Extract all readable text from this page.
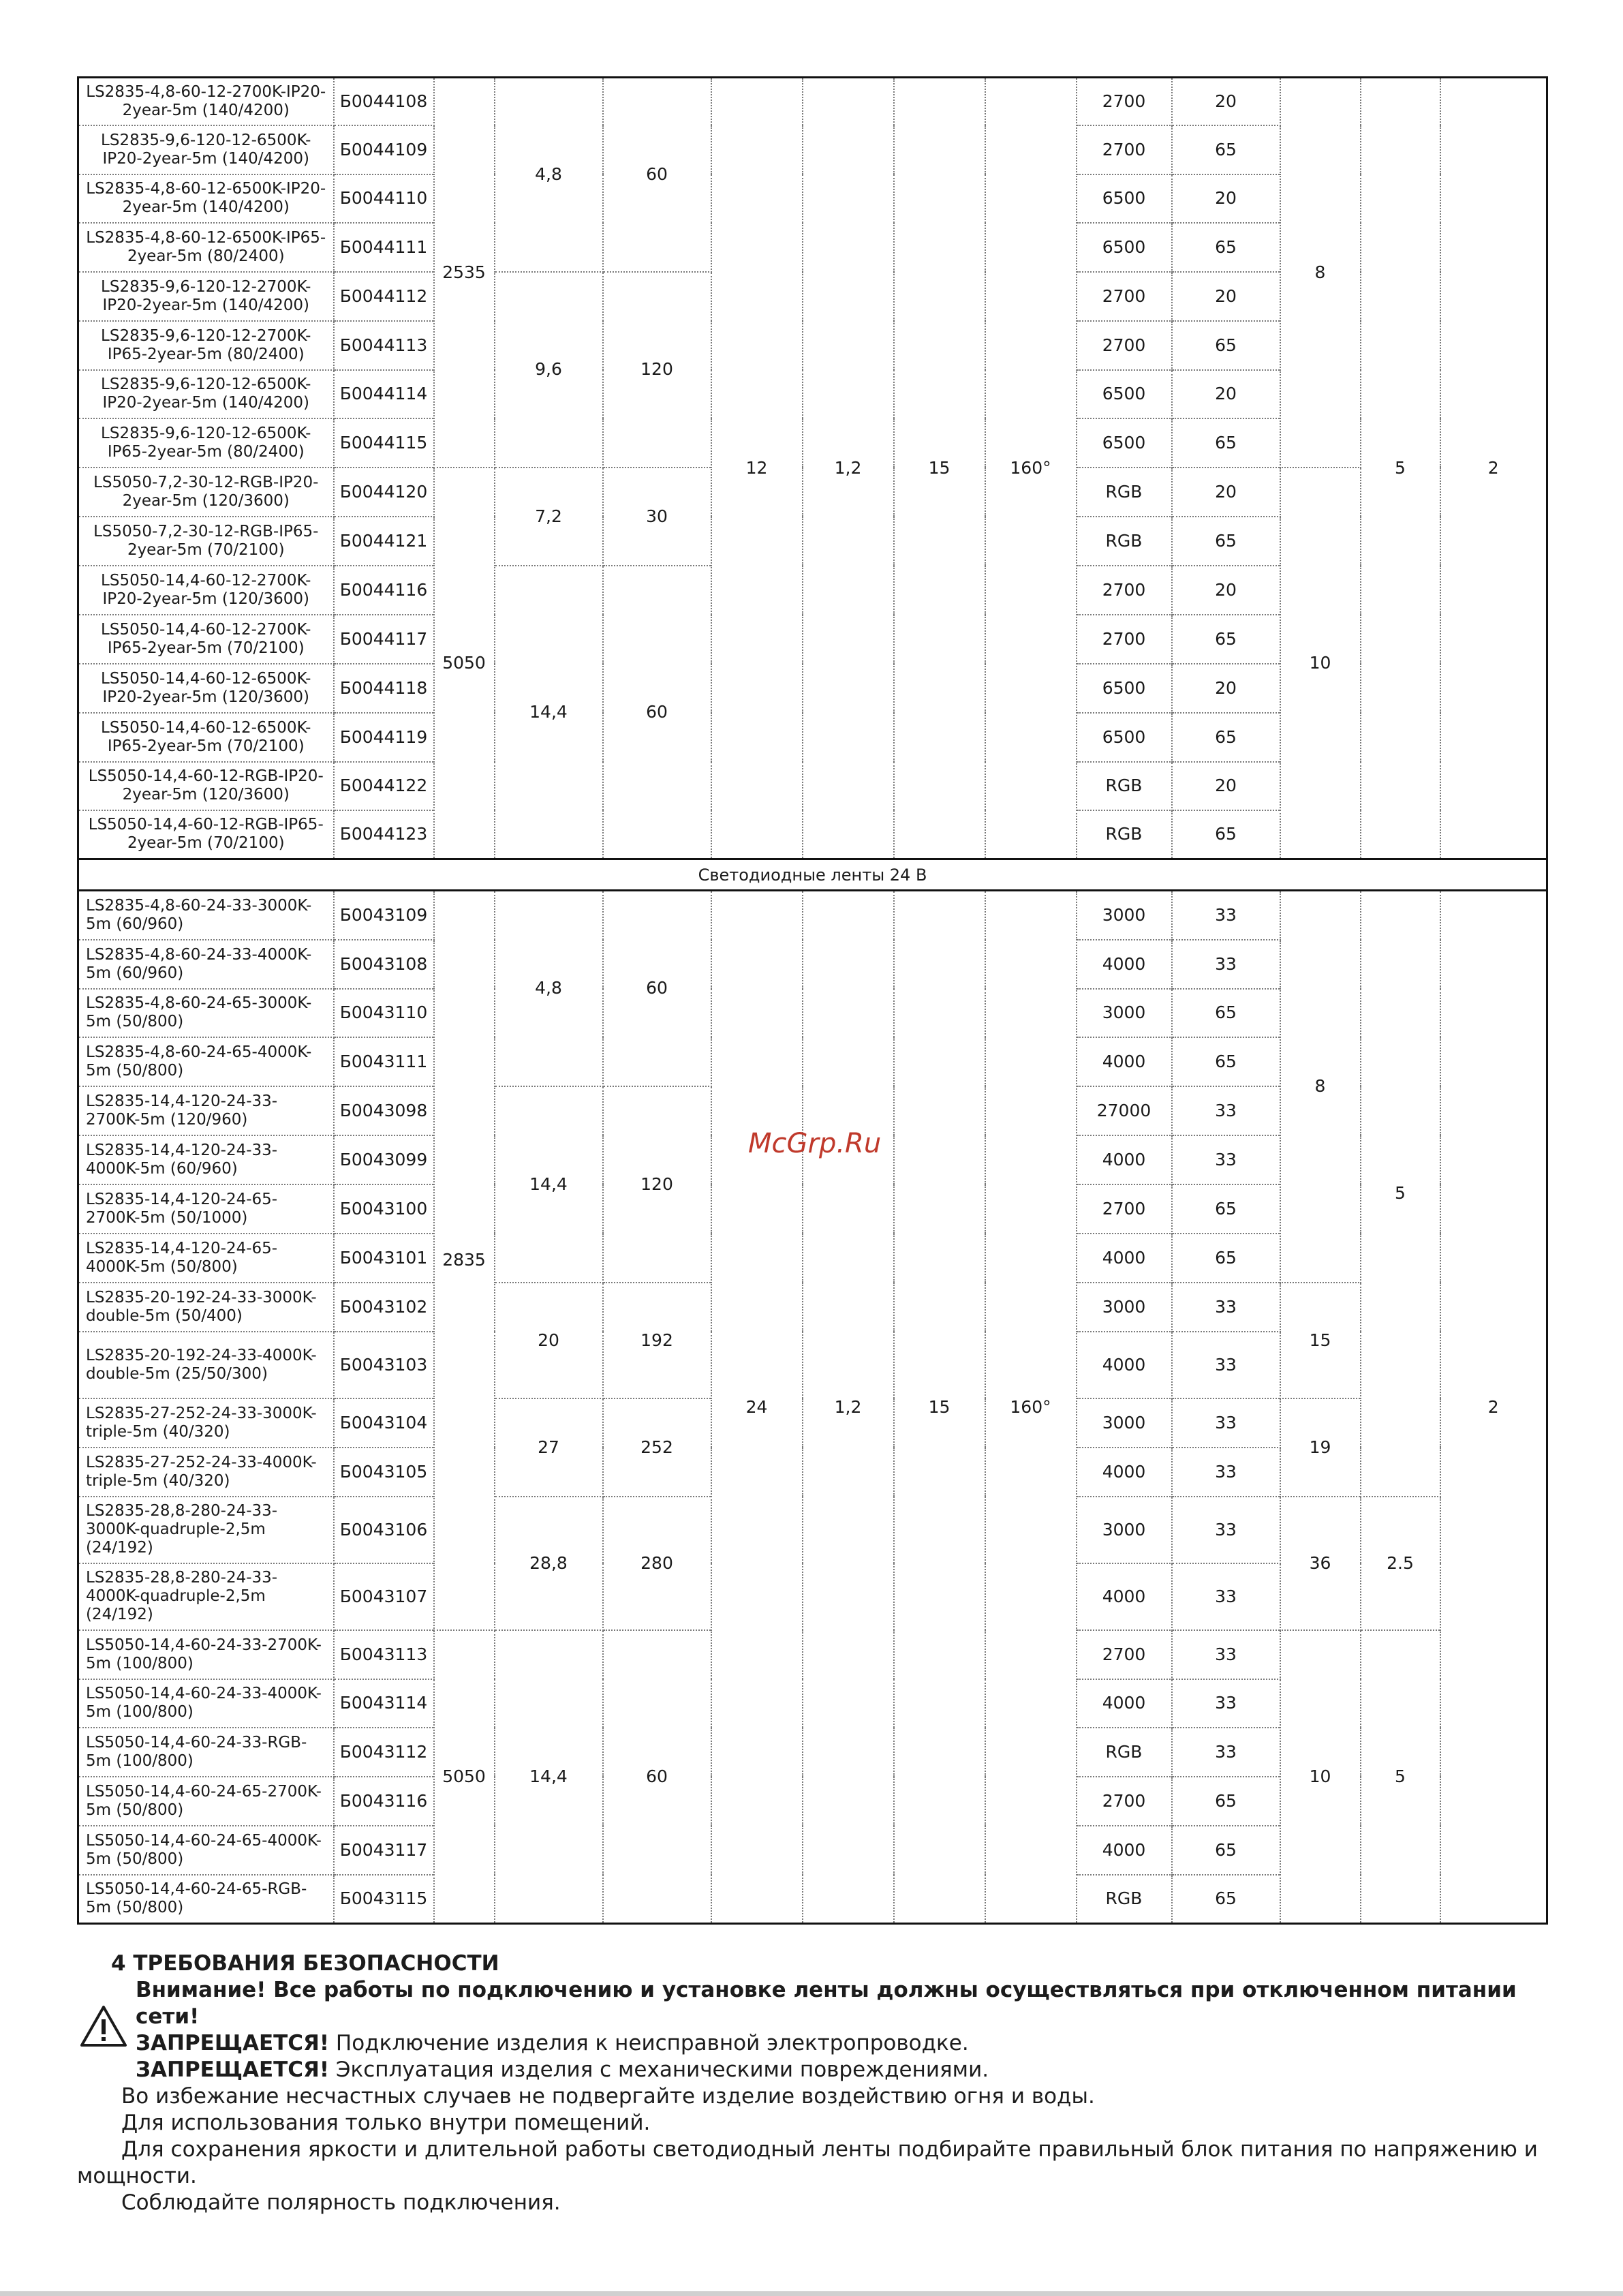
LS2835-4,8-60-12-2700K-IP20-2year-5m (140/4200)	Б0044108	2535	4,8	60	12	1,2	15	160°	2700	20	8	5	2
LS2835-9,6-120-12-6500K-IP20-2year-5m (140/4200)	Б0044109								2700	65			
LS2835-4,8-60-12-6500K-IP20-2year-5m (140/4200)	Б0044110								6500	20			
LS2835-4,8-60-12-6500K-IP65-2year-5m (80/2400)	Б0044111								6500	65			
LS2835-9,6-120-12-2700K-IP20-2year-5m (140/4200)	Б0044112		9,6	120					2700	20			
LS2835-9,6-120-12-2700K-IP65-2year-5m (80/2400)	Б0044113								2700	65			
LS2835-9,6-120-12-6500K-IP20-2year-5m (140/4200)	Б0044114								6500	20			
LS2835-9,6-120-12-6500K-IP65-2year-5m (80/2400)	Б0044115								6500	65			
LS5050-7,2-30-12-RGB-IP20-2year-5m (120/3600)	Б0044120	5050	7,2	30					RGB	20	10		
LS5050-7,2-30-12-RGB-IP65-2year-5m (70/2100)	Б0044121								RGB	65			
LS5050-14,4-60-12-2700K-IP20-2year-5m (120/3600)	Б0044116		14,4	60					2700	20			
LS5050-14,4-60-12-2700K-IP65-2year-5m (70/2100)	Б0044117								2700	65			
LS5050-14,4-60-12-6500K-IP20-2year-5m (120/3600)	Б0044118								6500	20			
LS5050-14,4-60-12-6500K-IP65-2year-5m (70/2100)	Б0044119								6500	65			
LS5050-14,4-60-12-RGB-IP20-2year-5m (120/3600)	Б0044122								RGB	20			
LS5050-14,4-60-12-RGB-IP65-2year-5m (70/2100)	Б0044123								RGB	65			
Светодиодные ленты 24 В													
LS2835-4,8-60-24-33-3000K-5m (60/960)	Б0043109	2835	4,8	60	24	1,2	15	160°	3000	33	8	5	2
LS2835-4,8-60-24-33-4000K-5m (60/960)	Б0043108								4000	33			
LS2835-4,8-60-24-65-3000K-5m (50/800)	Б0043110								3000	65			
LS2835-4,8-60-24-65-4000K-5m (50/800)	Б0043111								4000	65			
LS2835-14,4-120-24-33-2700K-5m (120/960)	Б0043098		14,4	120					27000	33			
LS2835-14,4-120-24-33-4000K-5m (60/960)	Б0043099								4000	33			
LS2835-14,4-120-24-65-2700K-5m (50/1000)	Б0043100								2700	65			
LS2835-14,4-120-24-65-4000K-5m (50/800)	Б0043101								4000	65			
LS2835-20-192-24-33-3000K-double-5m (50/400)	Б0043102		20	192					3000	33	15		
LS2835-20-192-24-33-4000K-double-5m (25/50/300)	Б0043103								4000	33			
LS2835-27-252-24-33-3000K-triple-5m (40/320)	Б0043104		27	252					3000	33	19		
LS2835-27-252-24-33-4000K-triple-5m (40/320)	Б0043105								4000	33			
LS2835-28,8-280-24-33-3000K-quadruple-2,5m (24/192)	Б0043106		28,8	280					3000	33	36	2.5	
LS2835-28,8-280-24-33-4000K-quadruple-2,5m (24/192)	Б0043107								4000	33			
LS5050-14,4-60-24-33-2700K-5m (100/800)	Б0043113	5050	14,4	60					2700	33	10	5	
LS5050-14,4-60-24-33-4000K-5m (100/800)	Б0043114								4000	33			
LS5050-14,4-60-24-33-RGB-5m (100/800)	Б0043112								RGB	33			
LS5050-14,4-60-24-65-2700K-5m (50/800)	Б0043116								2700	65			
LS5050-14,4-60-24-65-4000K-5m (50/800)	Б0043117								4000	65			
LS5050-14,4-60-24-65-RGB-5m (50/800)	Б0043115								RGB	65			
McGrp.Ru

4 ТРЕБОВАНИЯ БЕЗОПАСНОСТИ

Внимание! Все работы по подключению и установке ленты должны осуществляться при отключенном питании сети!

ЗАПРЕЩАЕТСЯ! Подключение изделия к неисправной электропроводке.

ЗАПРЕЩАЕТСЯ! Эксплуатация изделия с механическими повреждениями.

Во избежание несчастных случаев не подвергайте изделие воздействию огня и воды.

Для использования только внутри помещений.

Для сохранения яркости и длительной работы светодиодный ленты подбирайте правильный блок питания по напряжению и мощности.

Соблюдайте полярность подключения.
